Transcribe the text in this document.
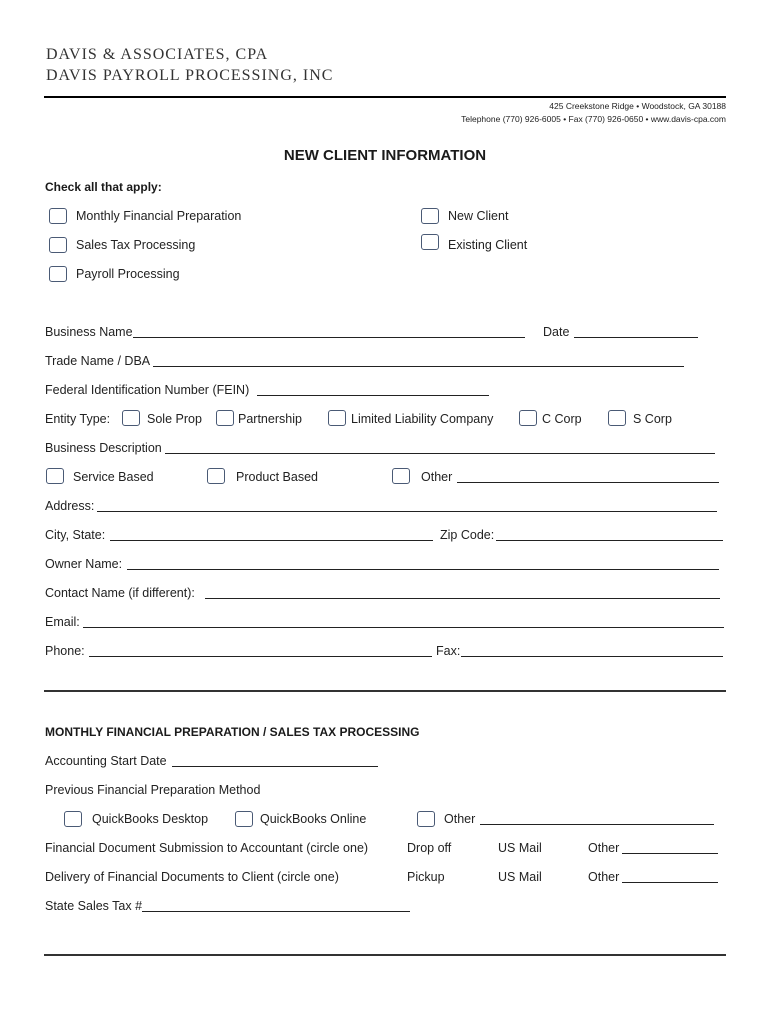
DAVIS & ASSOCIATES, CPA
DAVIS PAYROLL PROCESSING, INC
425 Creekstone Ridge • Woodstock, GA 30188
Telephone (770) 926-6005 • Fax (770) 926-0650 • www.davis-cpa.com
NEW CLIENT INFORMATION
Check all that apply:
Monthly Financial Preparation
Sales Tax Processing
Payroll Processing
New Client
Existing Client
Business Name	Date
Trade Name / DBA
Federal Identification Number (FEIN)
Entity Type:	Sole Prop	Partnership	Limited Liability Company	C Corp	S Corp
Business Description
Service Based	Product Based	Other
Address:
City, State:	Zip Code:
Owner Name:
Contact Name (if different):
Email:
Phone:	Fax:
MONTHLY FINANCIAL PREPARATION / SALES TAX PROCESSING
Accounting Start Date
Previous Financial Preparation Method
QuickBooks Desktop	QuickBooks Online	Other
Financial Document Submission to Accountant (circle one)	Drop off	US Mail	Other
Delivery of Financial Documents to Client (circle one)	Pickup	US Mail	Other
State Sales Tax #
